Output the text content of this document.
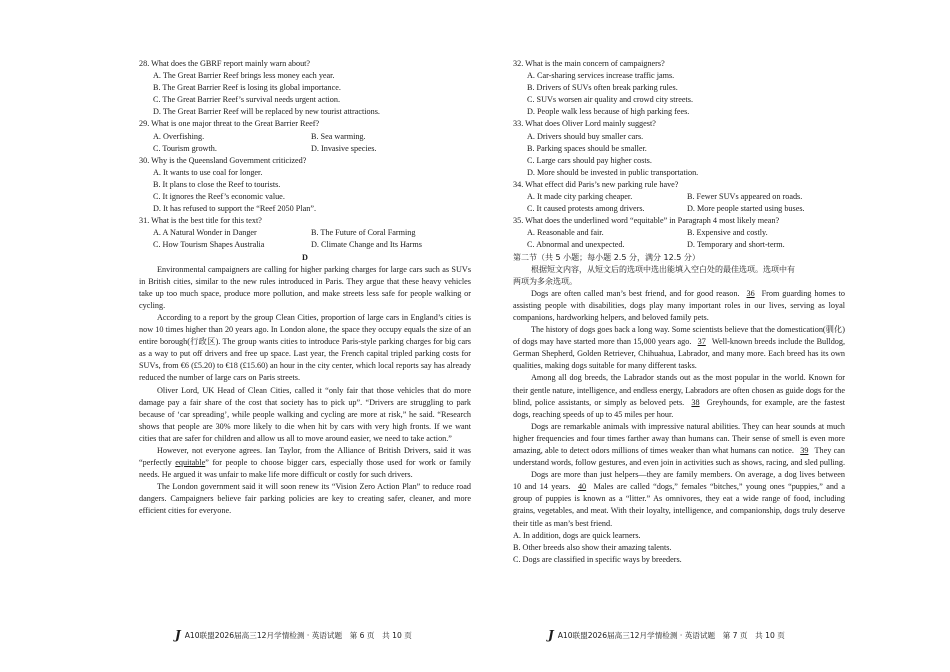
28. What does the GBRF report mainly warn about?

A. The Great Barrier Reef brings less money each year.

B. The Great Barrier Reef is losing its global importance.

C. The Great Barrier Reef’s survival needs urgent action.

D. The Great Barrier Reef will be replaced by new tourist attractions.

29. What is one major threat to the Great Barrier Reef?

A. Overfishing.	B. Sea warming.
C. Tourism growth.	D. Invasive species.

30. Why is the Queensland Government criticized?

A. It wants to use coal for longer.

B. It plans to close the Reef to tourists.

C. It ignores the Reef’s economic value.

D. It has refused to support the “Reef 2050 Plan”.

31. What is the best title for this text?

A. A Natural Wonder in Danger	B. The Future of Coral Farming
C. How Tourism Shapes Australia	D. Climate Change and Its Harms

D

Environmental campaigners are calling for higher parking charges for large cars such as SUVs in British cities, similar to the new rules introduced in Paris. They argue that these heavy vehicles take up too much space, produce more pollution, and make streets less safe for people walking or cycling.

According to a report by the group Clean Cities, proportion of large cars in England’s cities is now 10 times higher than 20 years ago. In London alone, the space they occupy equals the size of an entire borough(行政区). The group wants cities to introduce Paris-style parking charges for big cars as a way to put off drivers and free up space. Last year, the French capital tripled parking costs for SUVs, from €6 (£5.20) to €18 (£15.60) an hour in the city center, which local reports say has already reduced the number of large cars on Paris streets.

Oliver Lord, UK Head of Clean Cities, called it “only fair that those vehicles that do more damage pay a fair share of the cost that society has to pick up”. “Drivers are struggling to park because of ‘car spreading’, while people walking and cycling are more at risk,” he said. “Research shows that people are 30% more likely to die when hit by cars with very high fronts. If we want cities that are safer for children and allow us all to move around easier, we need to take action.”

However, not everyone agrees. Ian Taylor, from the Alliance of British Drivers, said it was “perfectly equitable” for people to choose bigger cars, especially those used for work or family needs. He argued it was unfair to make life more difficult or costly for such drivers.

The London government said it will soon renew its “Vision Zero Action Plan” to reduce road dangers. Campaigners believe fair parking policies are key to creating safer, cleaner, and more efficient cities for everyone.

32. What is the main concern of campaigners?

A. Car-sharing services increase traffic jams.

B. Drivers of SUVs often break parking rules.

C. SUVs worsen air quality and crowd city streets.

D. People walk less because of high parking fees.

33. What does Oliver Lord mainly suggest?

A. Drivers should buy smaller cars.

B. Parking spaces should be smaller.

C. Large cars should pay higher costs.

D. More should be invested in public transportation.

34. What effect did Paris’s new parking rule have?

A. It made city parking cheaper.	B. Fewer SUVs appeared on roads.
C. It caused protests among drivers.	D. More people started using buses.

35. What does the underlined word “equitable” in Paragraph 4 most likely mean?

A. Reasonable and fair.	B. Expensive and costly.
C. Abnormal and unexpected.	D. Temporary and short-term.

第二节（共 5 小题；每小题 2.5 分，满分 12.5 分）

根据短文内容，从短文后的选项中选出能填入空白处的最佳选项。选项中有

两项为多余选项。

Dogs are often called man’s best friend, and for good reason. 36 From guarding homes to assisting people with disabilities, dogs play many important roles in our lives, serving as loyal companions, hardworking helpers, and beloved family pets.

The history of dogs goes back a long way. Some scientists believe that the domestication(驯化) of dogs may have started more than 15,000 years ago. 37 Well-known breeds include the Bulldog, German Shepherd, Golden Retriever, Chihuahua, Labrador, and many more. Each breed has its own qualities, making dogs suitable for many different tasks.

Among all dog breeds, the Labrador stands out as the most popular in the world. Known for their gentle nature, intelligence, and endless energy, Labradors are often chosen as guide dogs for the blind, police assistants, or simply as beloved pets. 38 Greyhounds, for example, are the fastest dogs, reaching speeds of up to 45 miles per hour.

Dogs are remarkable animals with impressive natural abilities. They can hear sounds at much higher frequencies and four times farther away than humans can. Their sense of smell is even more amazing, able to detect odors millions of times weaker than what humans can notice. 39 They can understand words, follow gestures, and even join in activities such as shows, racing, and sled pulling.

Dogs are more than just helpers—they are family members. On average, a dog lives between 10 and 14 years. 40 Males are called “dogs,” females “bitches,” young ones “puppies,” and a group of puppies is known as a “litter.” As omnivores, they eat a wide range of food, including grains, vegetables, and meat. With their loyalty, intelligence, and companionship, dogs truly deserve their title as man’s best friend.

A. In addition, dogs are quick learners.

B. Other breeds also show their amazing talents.

C. Dogs are classified in specific ways by breeders.

J A10联盟2026届高三12月学情检测 · 英语试题　第 6 页　共 10 页	J A10联盟2026届高三12月学情检测 · 英语试题　第 7 页　共 10 页
